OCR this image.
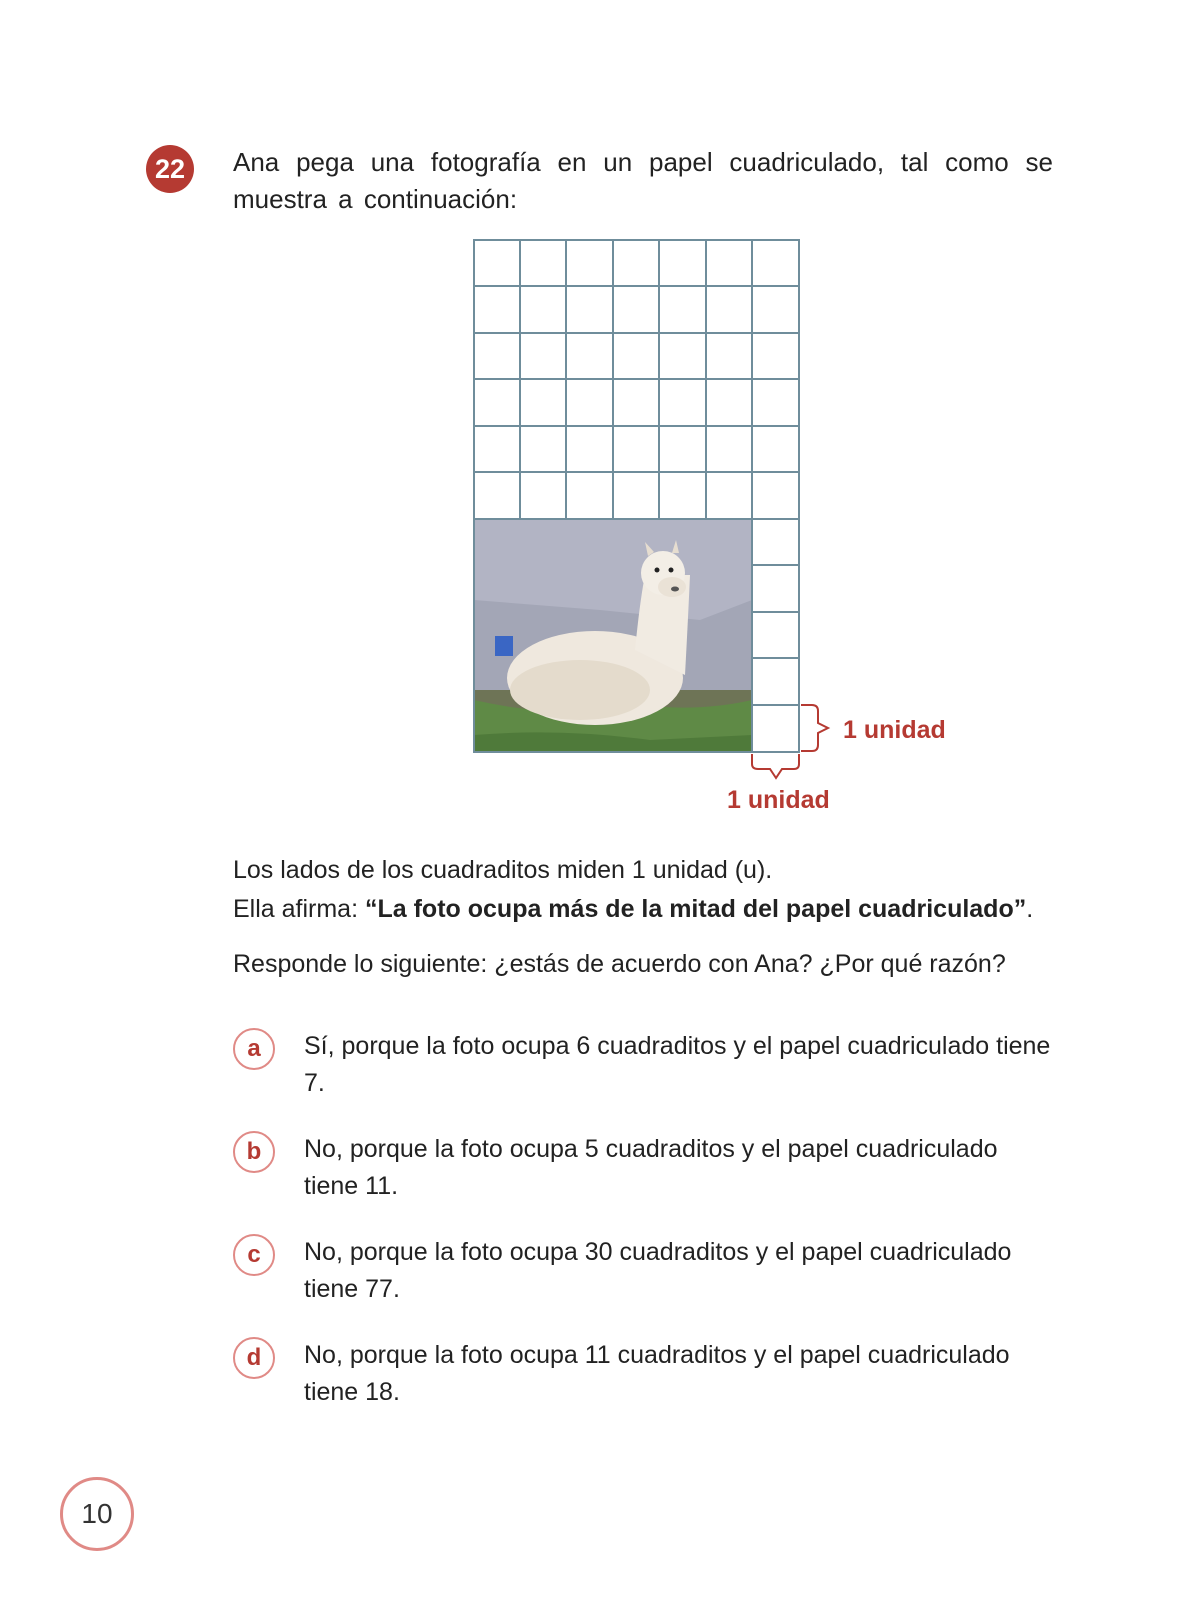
22	Ana pega una fotografía en un papel cuadriculado, tal como se muestra a continuación:
1 unidad
1 unidad
Los lados de los cuadraditos miden 1 unidad (u).
Ella afirma: “La foto ocupa más de la mitad del papel cuadriculado”.
Responde lo siguiente: ¿estás de acuerdo con Ana? ¿Por qué razón?
a	Sí, porque la foto ocupa 6 cuadraditos y el papel cuadriculado tiene 7.
b	No, porque la foto ocupa 5 cuadraditos y el papel cuadriculado tiene 11.
c	No, porque la foto ocupa 30 cuadraditos y el papel cuadriculado tiene 77.
d	No, porque la foto ocupa 11 cuadraditos y el papel cuadriculado tiene 18.
10
